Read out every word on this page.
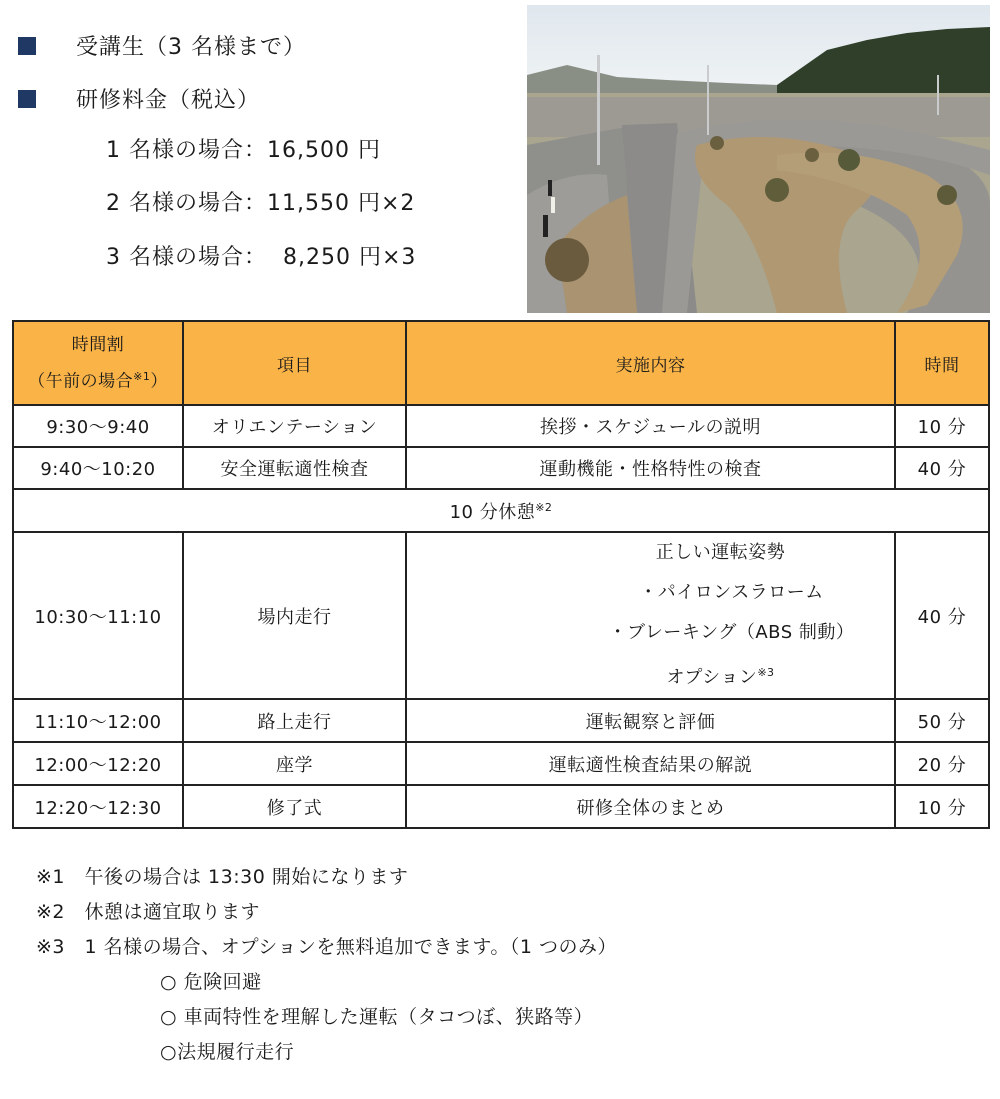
受講生（3 名様まで）
研修料金（税込）
1 名様の場合：16,500 円
2 名様の場合：11,550 円×2
3 名様の場合：  8,250 円×3
時間割
（午前の場合$^{※1}$）	項目	実施内容	時間
9:30〜9:40	オリエンテーション	挨拶・スケジュールの説明	10 分
9:40〜10:20	安全運転適性検査	運動機能・性格特性の検査	40 分
10 分休憩$^{※2}$
10:30〜11:10	場内走行	正しい運転姿勢
・パイロンスラローム
・ブレーキング（ABS 制動）
オプション$^{※3}$	40 分
11:10〜12:00	路上走行	運転観察と評価	50 分
12:00〜12:20	座学	運転適性検査結果の解説	20 分
12:20〜12:30	修了式	研修全体のまとめ	10 分
※1　午後の場合は 13:30 開始になります
※2　休憩は適宜取ります
※3　1 名様の場合、オプションを無料追加できます。（1 つのみ）
○ 危険回避
○ 車両特性を理解した運転（タコつぼ、狭路等）
○法規履行走行
